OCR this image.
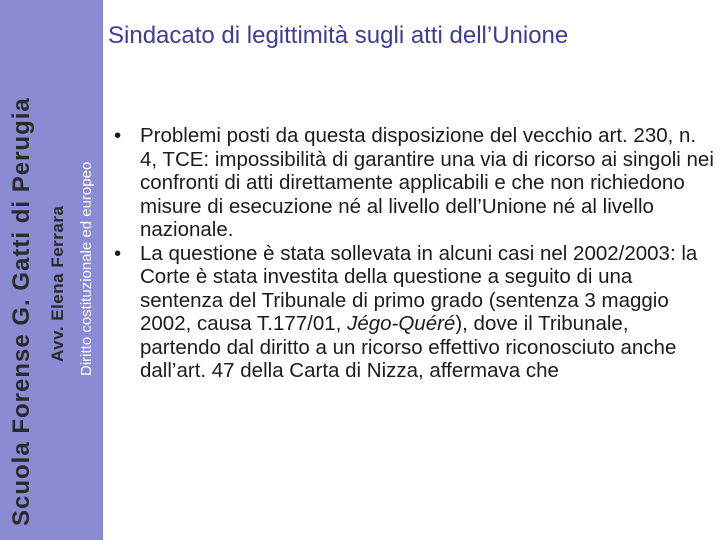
Scuola Forense G. Gatti di Perugia Avv. Elena Ferrara Diritto costituzionale ed europeo
Sindacato di legittimità sugli atti dell’Unione
• Problemi posti da questa disposizione del vecchio art. 230, n. 4, TCE: impossibilità di garantire una via di ricorso ai singoli nei confronti di atti direttamente applicabili e che non richiedono misure di esecuzione né al livello dell’Unione né al livello nazionale.
• La questione è stata sollevata in alcuni casi nel 2002/2003: la Corte è stata investita della questione a seguito di una sentenza del Tribunale di primo grado (sentenza 3 maggio 2002, causa T.177/01, Jégo-Quéré), dove il Tribunale, partendo dal diritto a un ricorso effettivo riconosciuto anche dall’art. 47 della Carta di Nizza, affermava che
